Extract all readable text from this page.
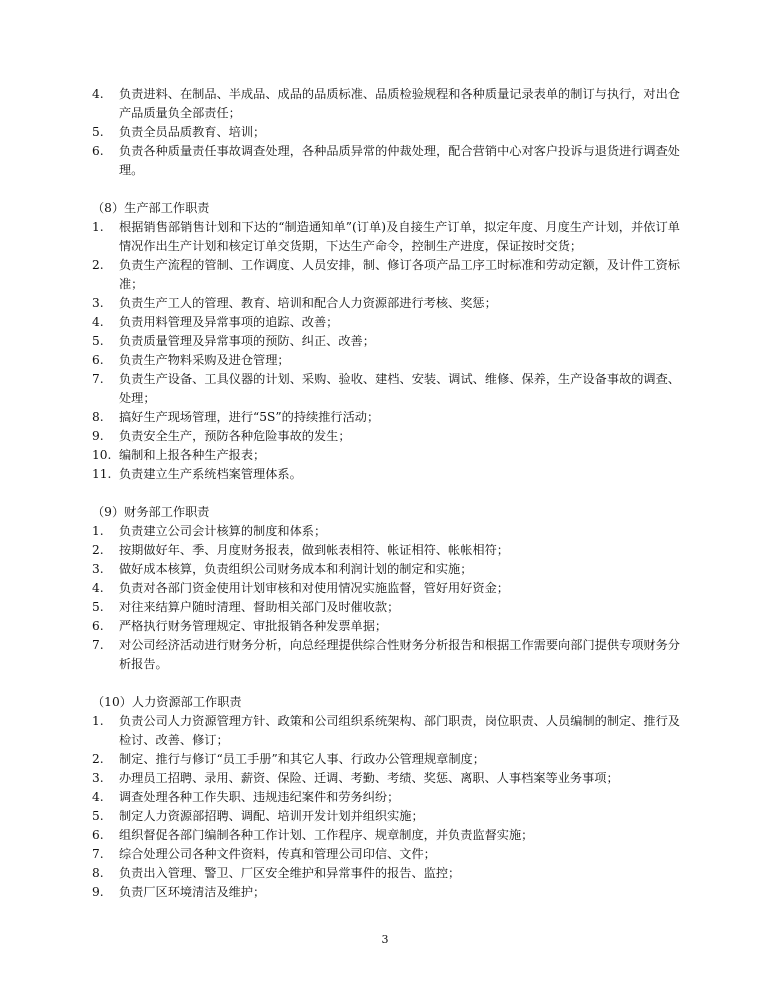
4.	负责进料、在制品、半成品、成品的品质标准、品质检验规程和各种质量记录表单的制订与执行，对出仓产品质量负全部责任；
5.	负责全员品质教育、培训；
6.	负责各种质量责任事故调查处理，各种品质异常的仲裁处理，配合营销中心对客户投诉与退货进行调查处理。
（8）生产部工作职责
1.	根据销售部销售计划和下达的“制造通知单”(订单)及自接生产订单，拟定年度、月度生产计划，并依订单情况作出生产计划和核定订单交货期，下达生产命令，控制生产进度，保证按时交货；
2.	负责生产流程的管制、工作调度、人员安排，制、修订各项产品工序工时标准和劳动定额，及计件工资标准；
3.	负责生产工人的管理、教育、培训和配合人力资源部进行考核、奖惩；
4.	负责用料管理及异常事项的追踪、改善；
5.	负责质量管理及异常事项的预防、纠正、改善；
6.	负责生产物料采购及进仓管理；
7.	负责生产设备、工具仪器的计划、采购、验收、建档、安装、调试、维修、保养，生产设备事故的调查、处理；
8.	搞好生产现场管理，进行“5S”的持续推行活动；
9.	负责安全生产，预防各种危险事故的发生；
10. 编制和上报各种生产报表；
11. 负责建立生产系统档案管理体系。
（9）财务部工作职责
1.	负责建立公司会计核算的制度和体系；
2.	按期做好年、季、月度财务报表，做到帐表相符、帐证相符、帐帐相符；
3.	做好成本核算，负责组织公司财务成本和利润计划的制定和实施；
4.	负责对各部门资金使用计划审核和对使用情况实施监督，管好用好资金；
5.	对往来结算户随时清理、督助相关部门及时催收款；
6.	严格执行财务管理规定、审批报销各种发票单据；
7.	对公司经济活动进行财务分析，向总经理提供综合性财务分析报告和根据工作需要向部门提供专项财务分析报告。
（10）人力资源部工作职责
1.	负责公司人力资源管理方针、政策和公司组织系统架构、部门职责，岗位职责、人员编制的制定、推行及检讨、改善、修订；
2.	制定、推行与修订“员工手册”和其它人事、行政办公管理规章制度；
3.	办理员工招聘、录用、薪资、保险、迁调、考勤、考绩、奖惩、离职、人事档案等业务事项；
4.	调查处理各种工作失职、违规违纪案件和劳务纠纷；
5.	制定人力资源部招聘、调配、培训开发计划并组织实施；
6.	组织督促各部门编制各种工作计划、工作程序、规章制度，并负责监督实施；
7.	综合处理公司各种文件资料，传真和管理公司印信、文件；
8.	负责出入管理、警卫、厂区安全维护和异常事件的报告、监控；
9.	负责厂区环境清洁及维护；
3
